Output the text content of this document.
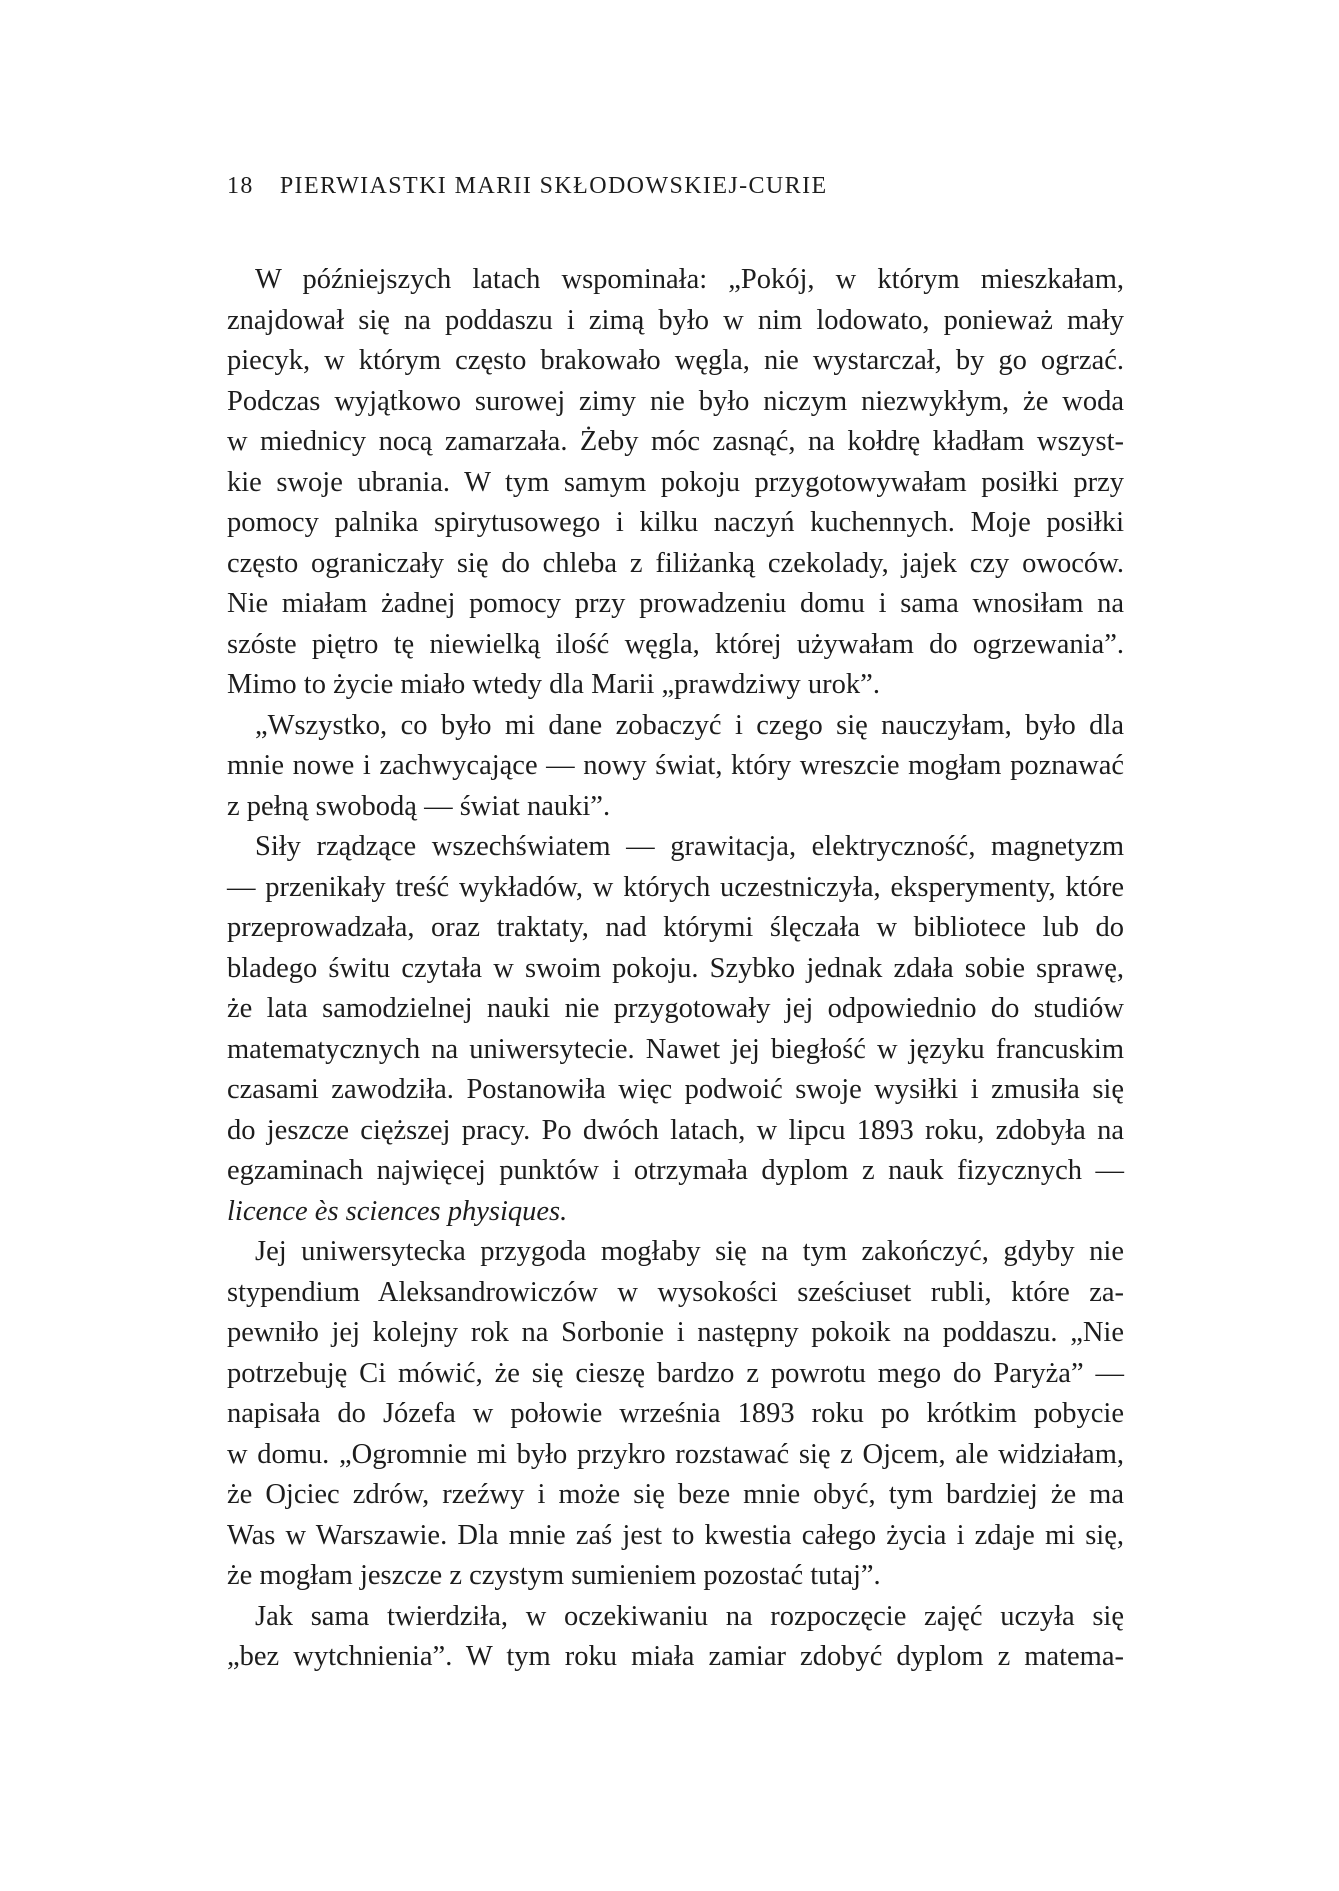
18 PIERWIASTKI MARII SKŁODOWSKIEJ-CURIE
W późniejszych latach wspominała: „Pokój, w którym mieszkałam,
znajdował się na poddaszu i zimą było w nim lodowato, ponieważ mały
piecyk, w którym często brakowało węgla, nie wystarczał, by go ogrzać.
Podczas wyjątkowo surowej zimy nie było niczym niezwykłym, że woda
w miednicy nocą zamarzała. Żeby móc zasnąć, na kołdrę kładłam wszyst-
kie swoje ubrania. W tym samym pokoju przygotowywałam posiłki przy
pomocy palnika spirytusowego i kilku naczyń kuchennych. Moje posiłki
często ograniczały się do chleba z filiżanką czekolady, jajek czy owoców.
Nie miałam żadnej pomocy przy prowadzeniu domu i sama wnosiłam na
szóste piętro tę niewielką ilość węgla, której używałam do ogrzewania”.
Mimo to życie miało wtedy dla Marii „prawdziwy urok”.
„Wszystko, co było mi dane zobaczyć i czego się nauczyłam, było dla
mnie nowe i zachwycające — nowy świat, który wreszcie mogłam poznawać
z pełną swobodą — świat nauki”.
Siły rządzące wszechświatem — grawitacja, elektryczność, magnetyzm
— przenikały treść wykładów, w których uczestniczyła, eksperymenty, które
przeprowadzała, oraz traktaty, nad którymi ślęczała w bibliotece lub do
bladego świtu czytała w swoim pokoju. Szybko jednak zdała sobie sprawę,
że lata samodzielnej nauki nie przygotowały jej odpowiednio do studiów
matematycznych na uniwersytecie. Nawet jej biegłość w języku francuskim
czasami zawodziła. Postanowiła więc podwoić swoje wysiłki i zmusiła się
do jeszcze cięższej pracy. Po dwóch latach, w lipcu 1893 roku, zdobyła na
egzaminach najwięcej punktów i otrzymała dyplom z nauk fizycznych —
licence ès sciences physiques.
Jej uniwersytecka przygoda mogłaby się na tym zakończyć, gdyby nie
stypendium Aleksandrowiczów w wysokości sześciuset rubli, które za-
pewniło jej kolejny rok na Sorbonie i następny pokoik na poddaszu. „Nie
potrzebuję Ci mówić, że się cieszę bardzo z powrotu mego do Paryża” —
napisała do Józefa w połowie września 1893 roku po krótkim pobycie
w domu. „Ogromnie mi było przykro rozstawać się z Ojcem, ale widziałam,
że Ojciec zdrów, rzeźwy i może się beze mnie obyć, tym bardziej że ma
Was w Warszawie. Dla mnie zaś jest to kwestia całego życia i zdaje mi się,
że mogłam jeszcze z czystym sumieniem pozostać tutaj”.
Jak sama twierdziła, w oczekiwaniu na rozpoczęcie zajęć uczyła się
„bez wytchnienia”. W tym roku miała zamiar zdobyć dyplom z matema-
